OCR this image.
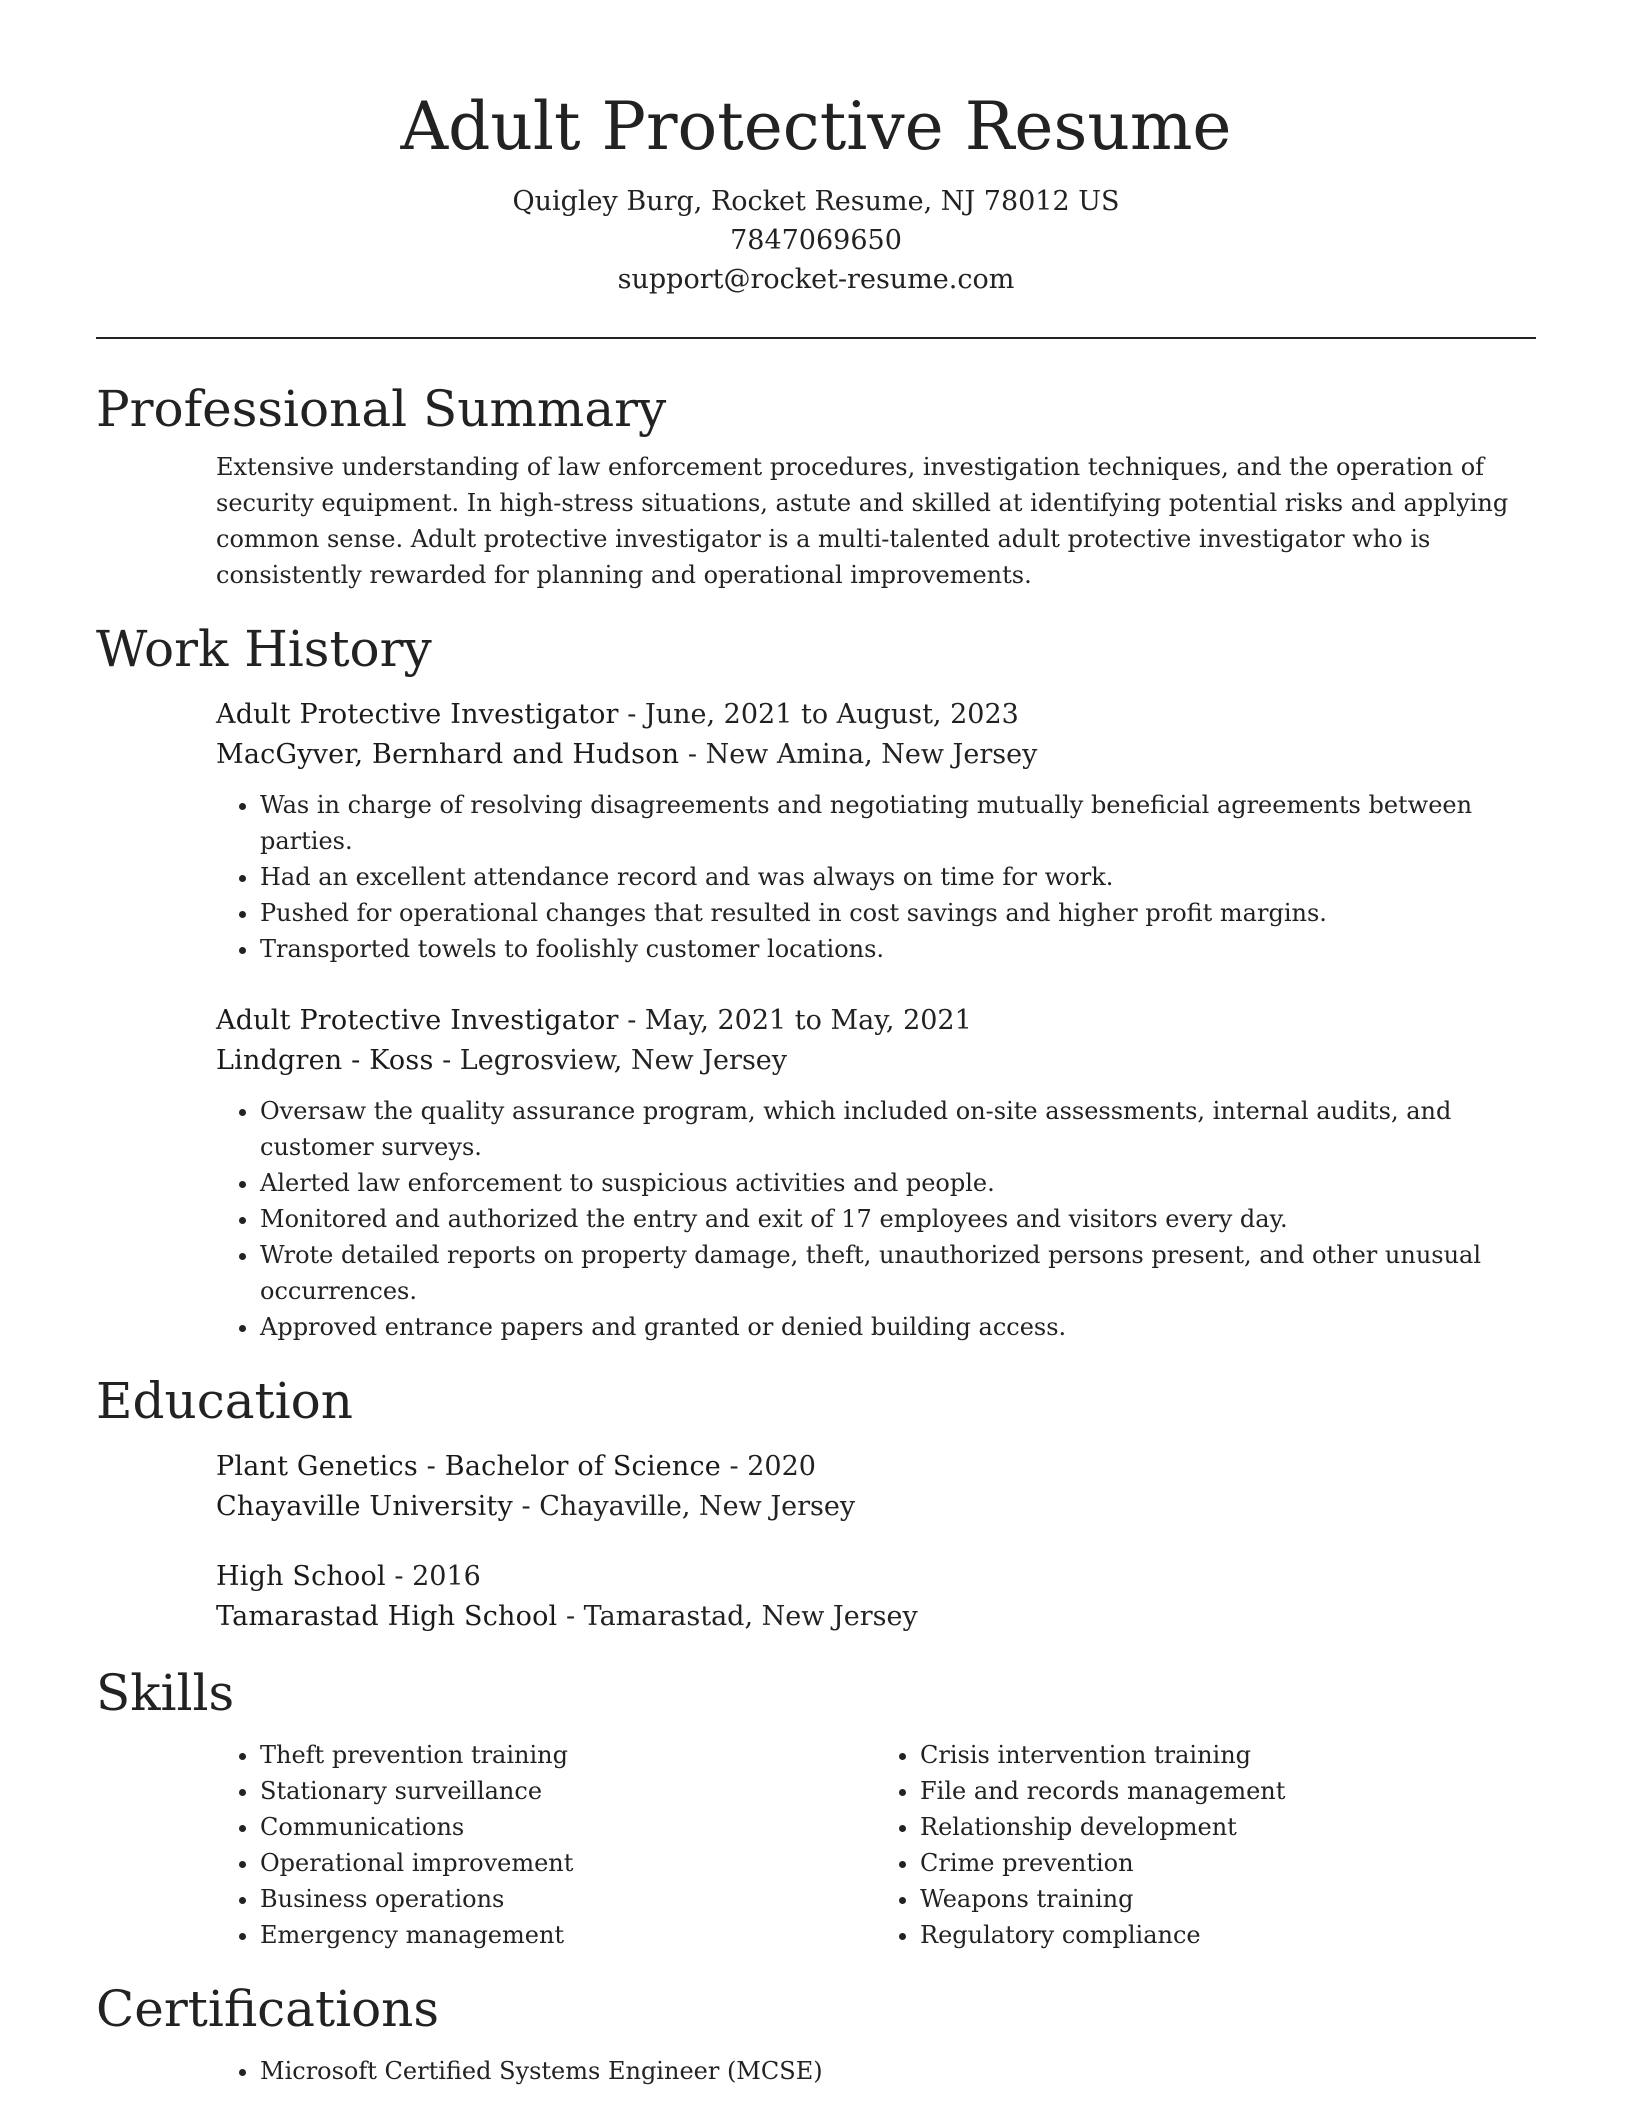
Adult Protective Resume

Quigley Burg, Rocket Resume, NJ 78012 US

7847069650

support@rocket-resume.com

Professional Summary

Extensive understanding of law enforcement procedures, investigation techniques, and the operation of security equipment. In high-stress situations, astute and skilled at identifying potential risks and applying common sense. Adult protective investigator is a multi-talented adult protective investigator who is consistently rewarded for planning and operational improvements.

Work History

Adult Protective Investigator - June, 2021 to August, 2023

MacGyver, Bernhard and Hudson - New Amina, New Jersey

• Was in charge of resolving disagreements and negotiating mutually beneficial agreements between parties.
• Had an excellent attendance record and was always on time for work.
• Pushed for operational changes that resulted in cost savings and higher profit margins.
• Transported towels to foolishly customer locations.

Adult Protective Investigator - May, 2021 to May, 2021

Lindgren - Koss - Legrosview, New Jersey

• Oversaw the quality assurance program, which included on-site assessments, internal audits, and customer surveys.
• Alerted law enforcement to suspicious activities and people.
• Monitored and authorized the entry and exit of 17 employees and visitors every day.
• Wrote detailed reports on property damage, theft, unauthorized persons present, and other unusual occurrences.
• Approved entrance papers and granted or denied building access.
Education

Plant Genetics - Bachelor of Science - 2020

Chayaville University - Chayaville, New Jersey

High School - 2016

Tamarastad High School - Tamarastad, New Jersey

Skills
• Theft prevention training
• Stationary surveillance
• Communications
• Operational improvement
• Business operations
• Emergency management
• Crisis intervention training
• File and records management
• Relationship development
• Crime prevention
• Weapons training
• Regulatory compliance
Certifications
• Microsoft Certified Systems Engineer (MCSE)
